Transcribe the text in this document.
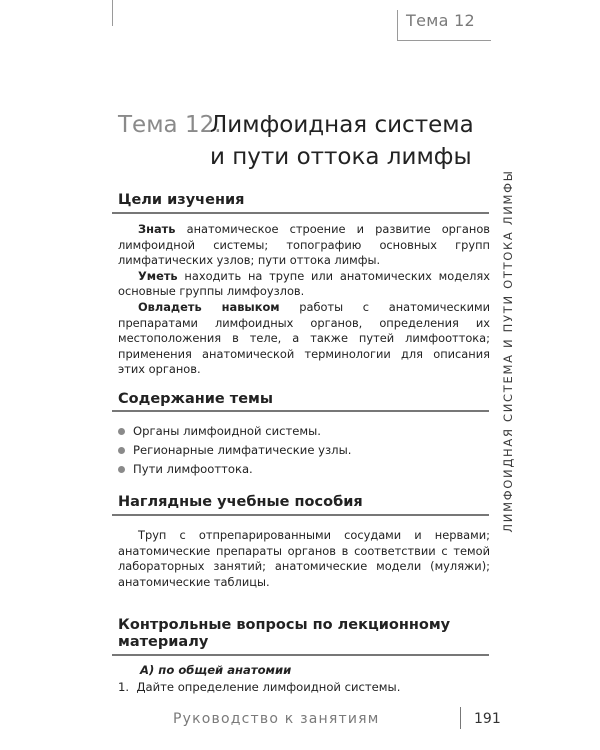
Тема 12
ЛИМФОИДНАЯ СИСТЕМА И ПУТИ ОТТОКА ЛИМФЫ
Тема 12.
Лимфоидная система
и пути оттока лимфы
Цели изучения
Знать анатомическое строение и развитие органов лимфоидной системы; топографию основных групп лимфатических узлов; пути оттока лимфы.
Уметь находить на трупе или анатомических моделях основные группы лимфоузлов.
Овладеть навыком работы с анатомическими препаратами лимфоидных органов, определения их местоположения в теле, а также путей лимфооттока; применения анатомической терминологии для описания этих органов.
Содержание темы
Органы лимфоидной системы.
Регионарные лимфатические узлы.
Пути лимфооттока.
Наглядные учебные пособия
Труп с отпрепарированными сосудами и нервами; анатомические препараты органов в соответствии с темой лабораторных занятий; анатомические модели (муляжи); анатомические таблицы.
Контрольные вопросы по лекционному
материалу
А) по общей анатомии
1. Дайте определение лимфоидной системы.
Руководство к занятиям	191
